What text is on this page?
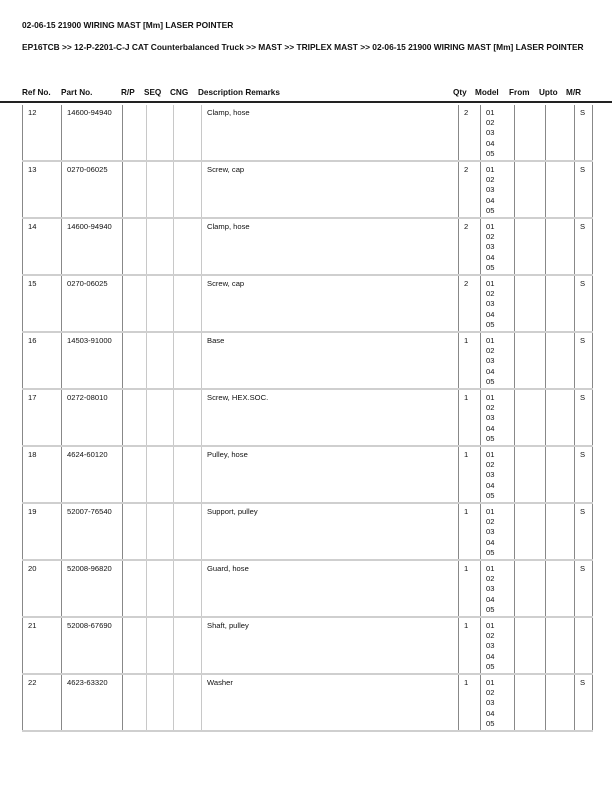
02-06-15 21900 WIRING MAST [Mm] LASER POINTER
EP16TCB >> 12-P-2201-C-J CAT Counterbalanced Truck >> MAST >> TRIPLEX MAST >> 02-06-15 21900 WIRING MAST [Mm] LASER POINTER
Ref No. Part No.	R/P SEQ CNG Description Remarks	Qty Model From Upto M/R
12	14600-94940				Clamp, hose	2	01
02
03
04
05			S
13	0270-06025				Screw, cap	2	01
02
03
04
05			S
14	14600-94940				Clamp, hose	2	01
02
03
04
05			S
15	0270-06025				Screw, cap	2	01
02
03
04
05			S
16	14503-91000				Base	1	01
02
03
04
05			S
17	0272-08010				Screw, HEX.SOC.	1	01
02
03
04
05			S
18	4624-60120				Pulley, hose	1	01
02
03
04
05			S
19	52007-76540				Support, pulley	1	01
02
03
04
05			S
20	52008-96820				Guard, hose	1	01
02
03
04
05			S
21	52008-67690				Shaft, pulley	1	01
02
03
04
05			

22	4623-63320				Washer	1	01
02
03
04
05			S
